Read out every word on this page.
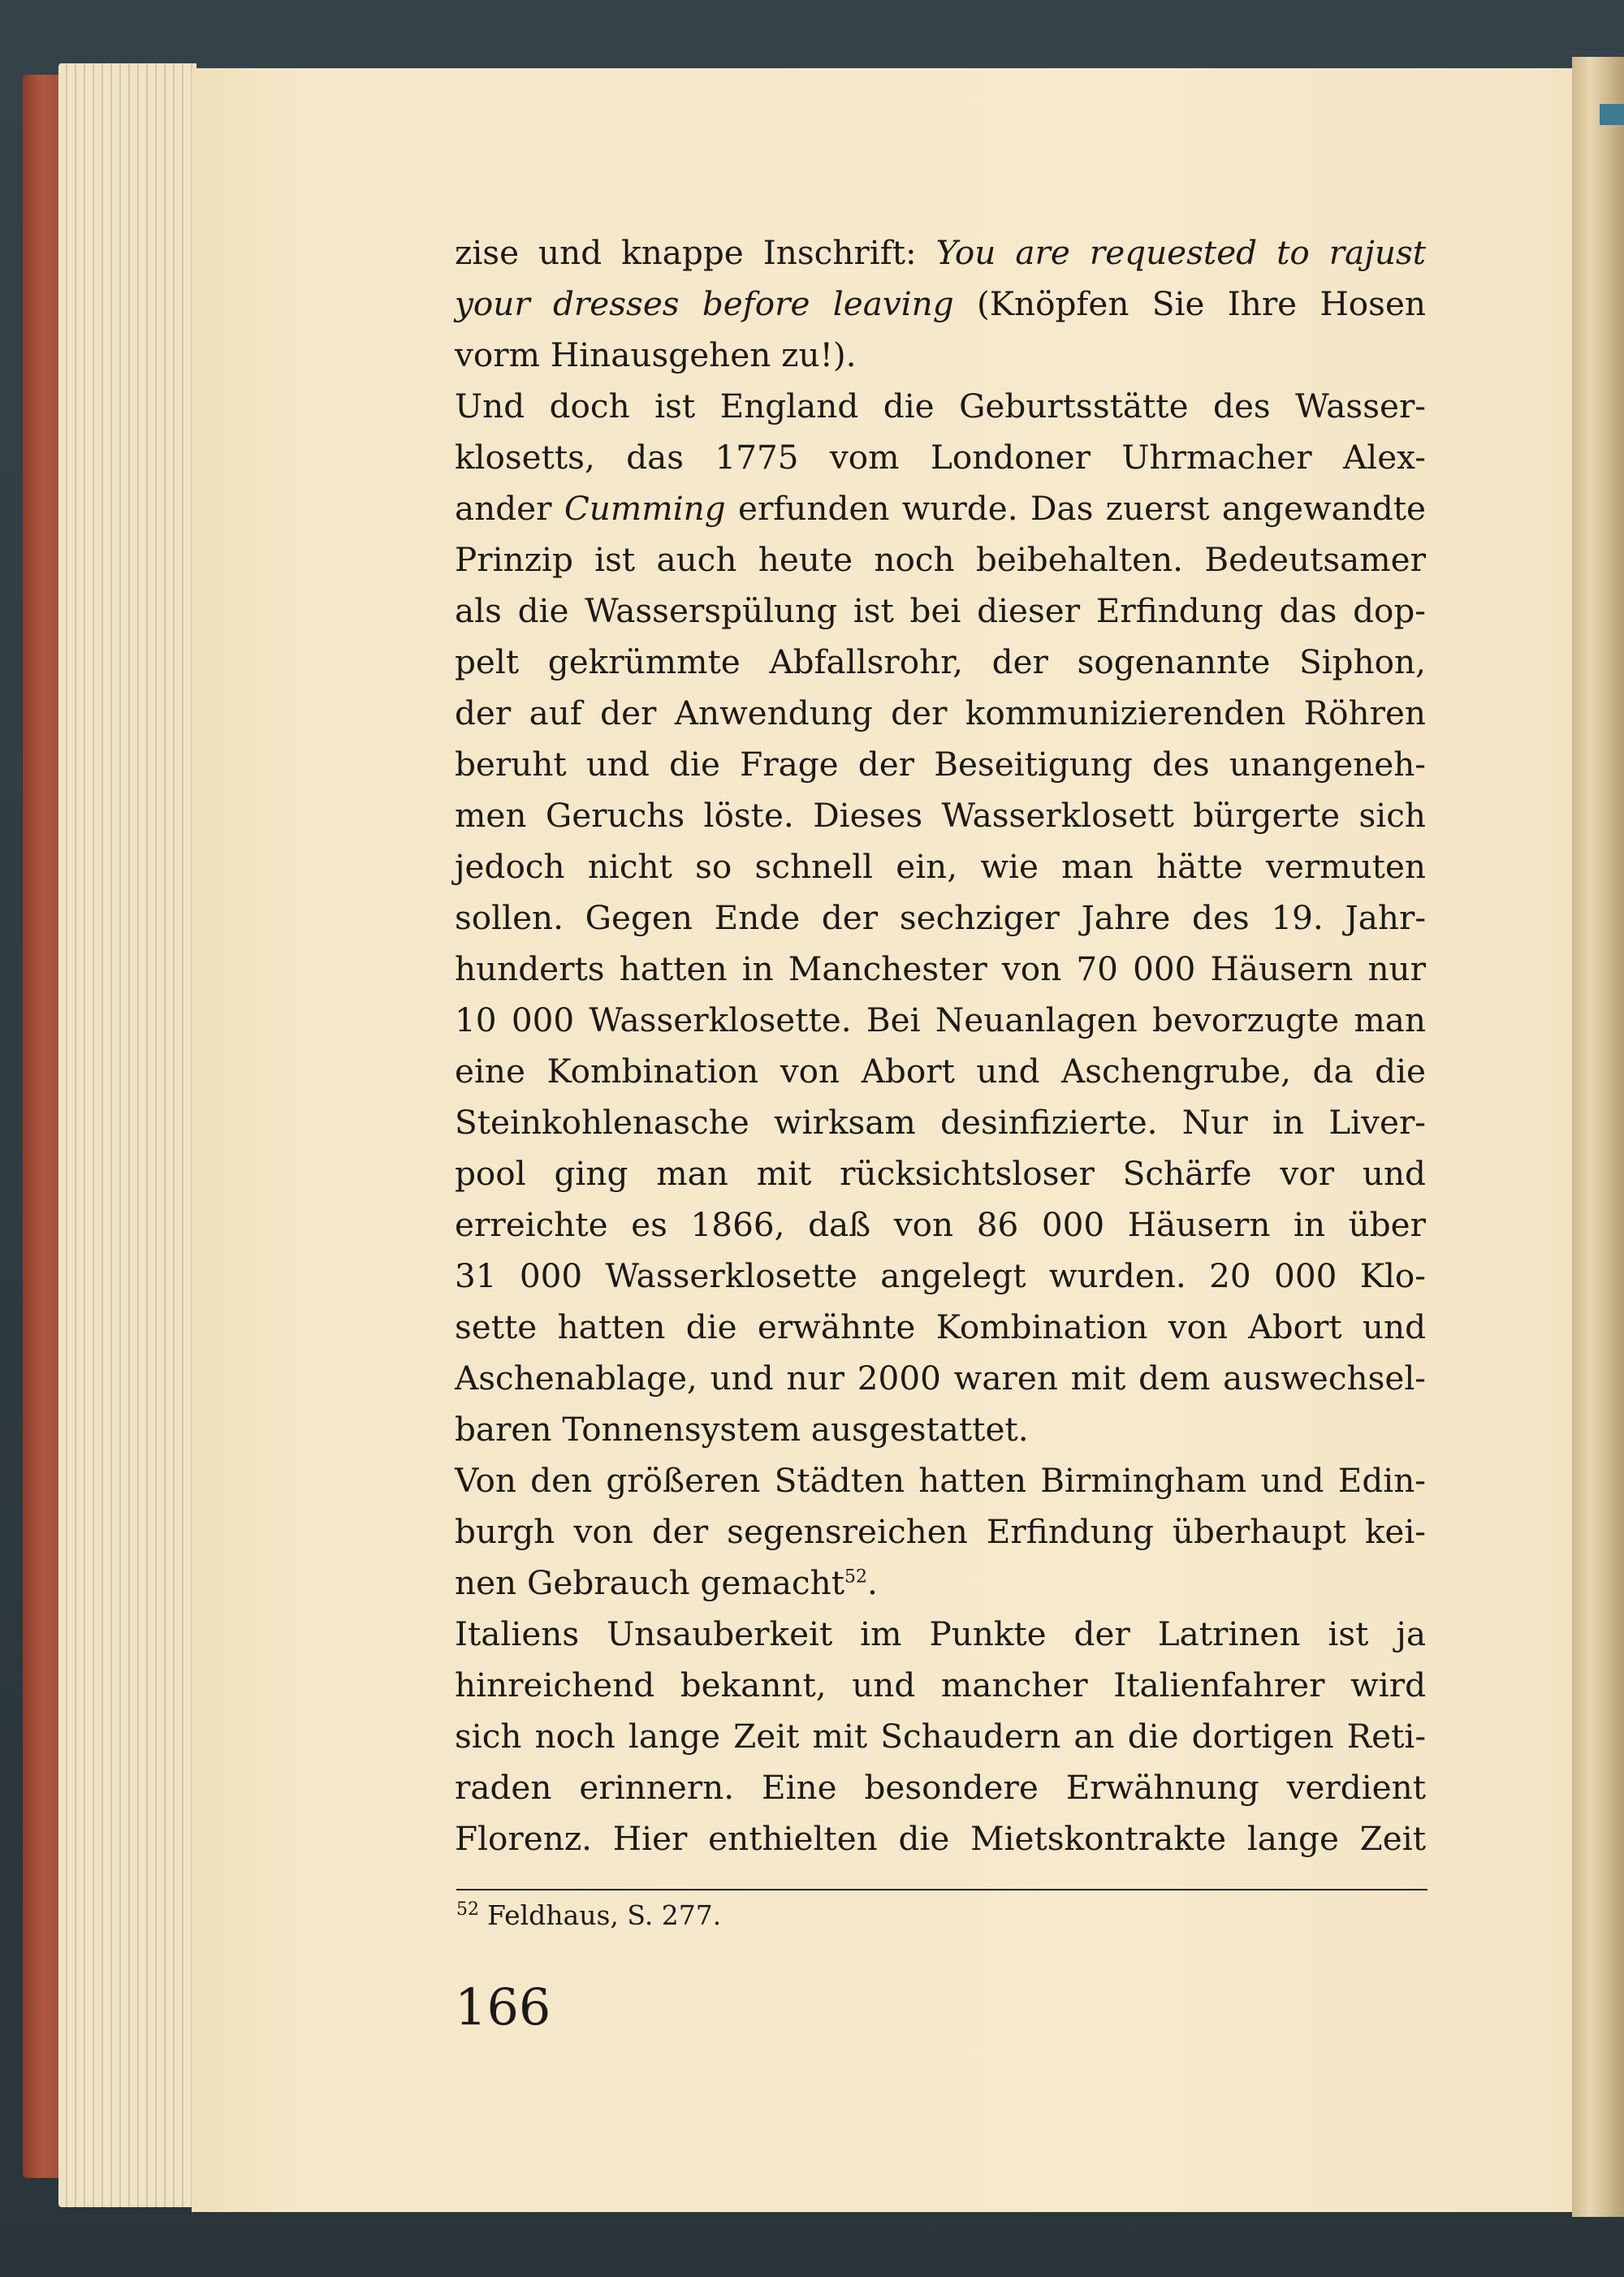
zise und knappe Inschrift: You are requested to rajust
your dresses before leaving (Knöpfen Sie Ihre Hosen
vorm Hinausgehen zu!).
Und doch ist England die Geburtsstätte des Wasser-
klosetts, das 1775 vom Londoner Uhrmacher Alex-
ander Cumming erfunden wurde. Das zuerst angewandte
Prinzip ist auch heute noch beibehalten. Bedeutsamer
als die Wasserspülung ist bei dieser Erfindung das dop-
pelt gekrümmte Abfallsrohr, der sogenannte Siphon,
der auf der Anwendung der kommunizierenden Röhren
beruht und die Frage der Beseitigung des unangeneh-
men Geruchs löste. Dieses Wasserklosett bürgerte sich
jedoch nicht so schnell ein, wie man hätte vermuten
sollen. Gegen Ende der sechziger Jahre des 19. Jahr-
hunderts hatten in Manchester von 70 000 Häusern nur
10 000 Wasserklosette. Bei Neuanlagen bevorzugte man
eine Kombination von Abort und Aschengrube, da die
Steinkohlenasche wirksam desinfizierte. Nur in Liver-
pool ging man mit rücksichtsloser Schärfe vor und
erreichte es 1866, daß von 86 000 Häusern in über
31 000 Wasserklosette angelegt wurden. 20 000 Klo-
sette hatten die erwähnte Kombination von Abort und
Aschenablage, und nur 2000 waren mit dem auswechsel-
baren Tonnensystem ausgestattet.
Von den größeren Städten hatten Birmingham und Edin-
burgh von der segensreichen Erfindung überhaupt kei-
nen Gebrauch gemacht$^{52}$.
Italiens Unsauberkeit im Punkte der Latrinen ist ja
hinreichend bekannt, und mancher Italienfahrer wird
sich noch lange Zeit mit Schaudern an die dortigen Reti-
raden erinnern. Eine besondere Erwähnung verdient
Florenz. Hier enthielten die Mietskontrakte lange Zeit
$^{52}$ Feldhaus, S. 277.
166
